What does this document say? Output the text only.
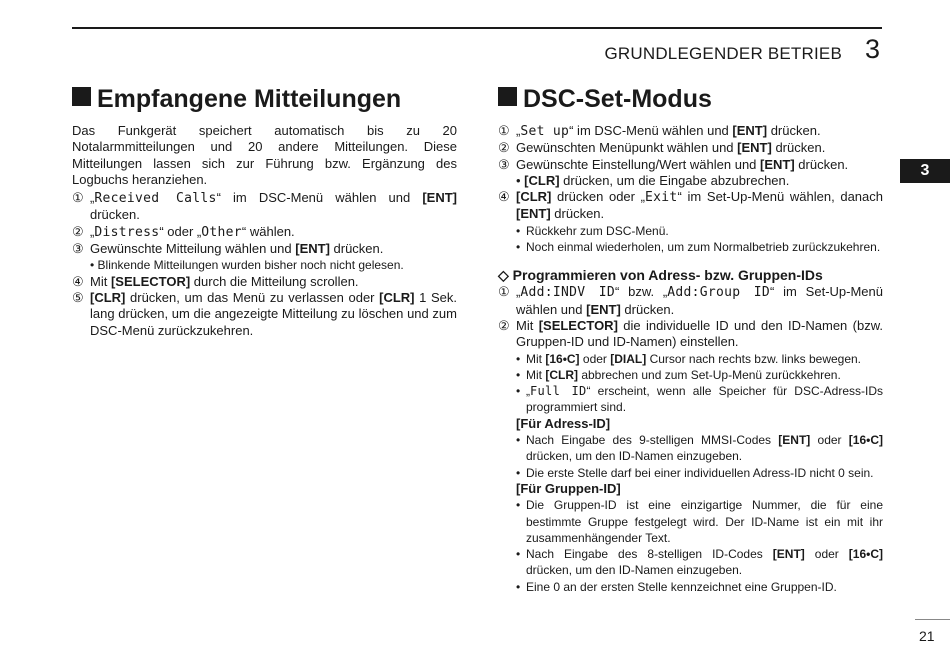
GRUNDLEGENDER BETRIEB 3
3
21
Empfangene Mitteilungen

Das Funkgerät speichert automatisch bis zu 20 Notalarmmitteilungen und 20 andere Mitteilungen. Diese Mitteilungen lassen sich zur Führung bzw. Ergänzung des Logbuchs heranziehen.

① „Received Calls“ im DSC-Menü wählen und [ENT] drücken.
② „Distress“ oder „Other“ wählen.
③ Gewünschte Mitteilung wählen und [ENT] drücken.
• Blinkende Mitteilungen wurden bisher noch nicht gelesen.
④ Mit [SELECTOR] durch die Mitteilung scrollen.
⑤ [CLR] drücken, um das Menü zu verlassen oder [CLR] 1 Sek. lang drücken, um die angezeigte Mitteilung zu löschen und zum DSC-Menü zurückzukehren.
DSC-Set-Modus
① „Set up“ im DSC-Menü wählen und [ENT] drücken.
② Gewünschten Menüpunkt wählen und [ENT] drücken.
③ Gewünschte Einstellung/Wert wählen und [ENT] drücken.
• [CLR] drücken, um die Eingabe abzubrechen.
④ [CLR] drücken oder „Exit“ im Set-Up-Menü wählen, danach [ENT] drücken.
• Rückkehr zum DSC-Menü.
• Noch einmal wiederholen, um zum Normalbetrieb zurückzukehren.
◇ Programmieren von Adress- bzw. Gruppen-IDs
① „Add:INDV ID“ bzw. „Add:Group ID“ im Set-Up-Menü wählen und [ENT] drücken.
② Mit [SELECTOR] die individuelle ID und den ID-Namen (bzw. Gruppen-ID und ID-Namen) einstellen.
• Mit [16•C] oder [DIAL] Cursor nach rechts bzw. links bewegen.
• Mit [CLR] abbrechen und zum Set-Up-Menü zurückkehren.
• „Full ID“ erscheint, wenn alle Speicher für DSC-Adress-IDs programmiert sind.
[Für Adress-ID]
• Nach Eingabe des 9-stelligen MMSI-Codes [ENT] oder [16•C] drücken, um den ID-Namen einzugeben.
• Die erste Stelle darf bei einer individuellen Adress-ID nicht 0 sein.
[Für Gruppen-ID]
• Die Gruppen-ID ist eine einzigartige Nummer, die für eine bestimmte Gruppe festgelegt wird. Der ID-Name ist ein mit ihr zusammenhängender Text.
• Nach Eingabe des 8-stelligen ID-Codes [ENT] oder [16•C] drücken, um den ID-Namen einzugeben.
• Eine 0 an der ersten Stelle kennzeichnet eine Gruppen-ID.
